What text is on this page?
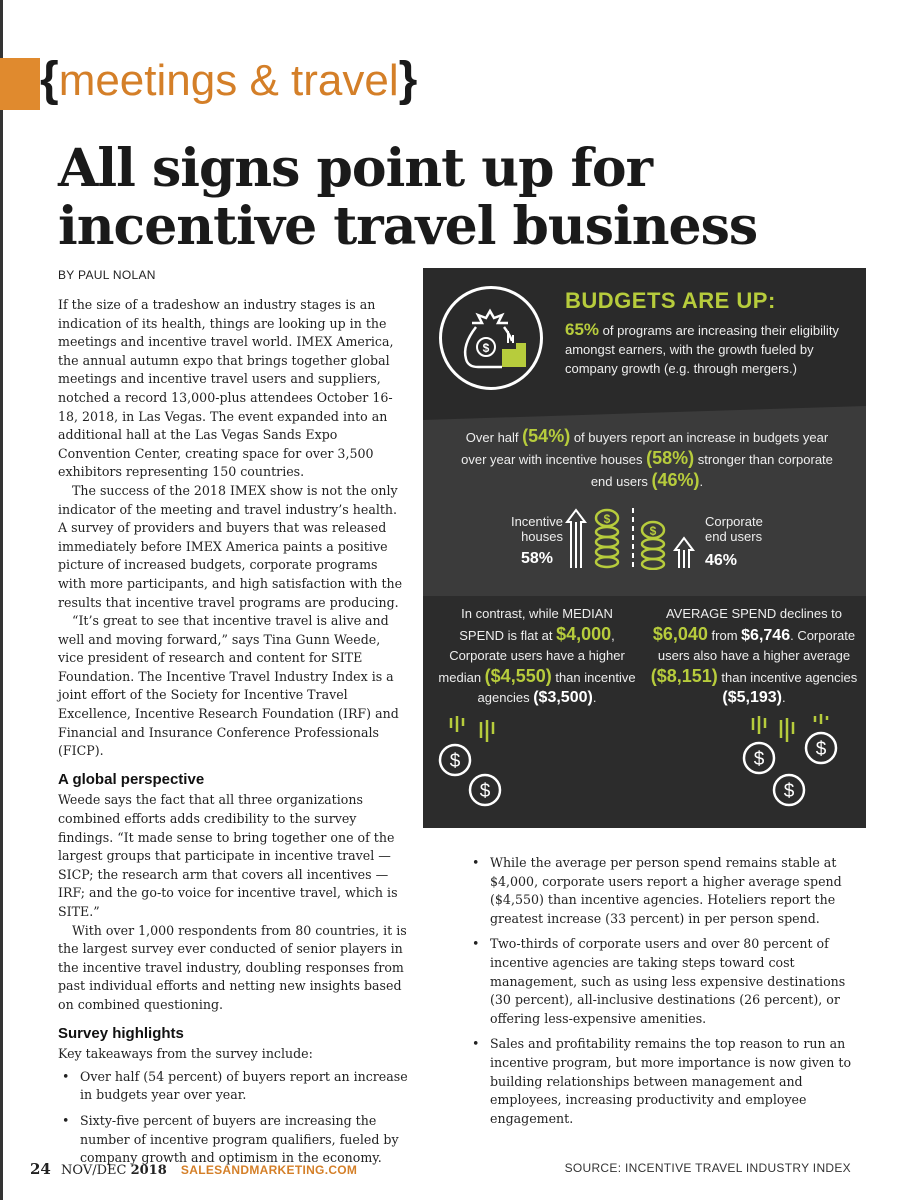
{meetings & travel}
All signs point up for incentive travel business
BY PAUL NOLAN

If the size of a tradeshow an industry stages is an indication of its health, things are looking up in the meetings and incentive travel world. IMEX America, the annual autumn expo that brings together global meetings and incentive travel users and suppliers, notched a record 13,000-plus attendees October 16-18, 2018, in Las Vegas. The event expanded into an additional hall at the Las Vegas Sands Expo Convention Center, creating space for over 3,500 exhibitors representing 150 countries.

The success of the 2018 IMEX show is not the only indicator of the meeting and travel industry’s health. A survey of providers and buyers that was released immediately before IMEX America paints a positive picture of increased budgets, corporate programs with more participants, and high satisfaction with the results that incentive travel programs are producing.

“It’s great to see that incentive travel is alive and well and moving forward,” says Tina Gunn Weede, vice president of research and content for SITE Foundation. The Incentive Travel Industry Index is a joint effort of the Society for Incentive Travel Excellence, Incentive Research Foundation (IRF) and Financial and Insurance Conference Professionals (FICP).

A global perspective

Weede says the fact that all three organizations combined efforts adds credibility to the survey findings. “It made sense to bring together one of the largest groups that participate in incentive travel — SICP; the research arm that covers all incentives — IRF; and the go-to voice for incentive travel, which is SITE.”

With over 1,000 respondents from 80 countries, it is the largest survey ever conducted of senior players in the incentive travel industry, doubling responses from past individual efforts and netting new insights based on combined questioning.

Survey highlights

Key takeaways from the survey include:

• Over half (54 percent) of buyers report an increase in budgets year over year.
• Sixty-five percent of buyers are increasing the number of incentive program qualifiers, fueled by company growth and optimism in the economy.
$
BUDGETS ARE UP:
65% of programs are increasing their eligibility amongst earners, with the growth fueled by company growth (e.g. through mergers.)
Over half (54%) of buyers report an increase in budgets year over year with incentive houses (58%) stronger than corporate end users (46%).
Incentive
houses
58%
$
$
Corporate
end users
46%
In contrast, while MEDIAN SPEND is flat at $4,000, Corporate users have a higher median ($4,550) than incentive agencies ($3,500).
AVERAGE SPEND declines to $6,040 from $6,746. Corporate users also have a higher average ($8,151) than incentive agencies ($5,193).
$
$
$
$
$
• While the average per person spend remains stable at $4,000, corporate users report a higher average spend ($4,550) than incentive agencies. Hoteliers report the greatest increase (33 percent) in per person spend.
• Two-thirds of corporate users and over 80 percent of incentive agencies are taking steps toward cost management, such as using less expensive destinations (30 percent), all-inclusive destinations (26 percent), or offering less-expensive amenities.
• Sales and profitability remains the top reason to run an incentive program, but more importance is now given to building relationships between management and employees, increasing productivity and employee engagement.
24 NOV/DEC 2018 SALESANDMARKETING.COM	SOURCE: INCENTIVE TRAVEL INDUSTRY INDEX
